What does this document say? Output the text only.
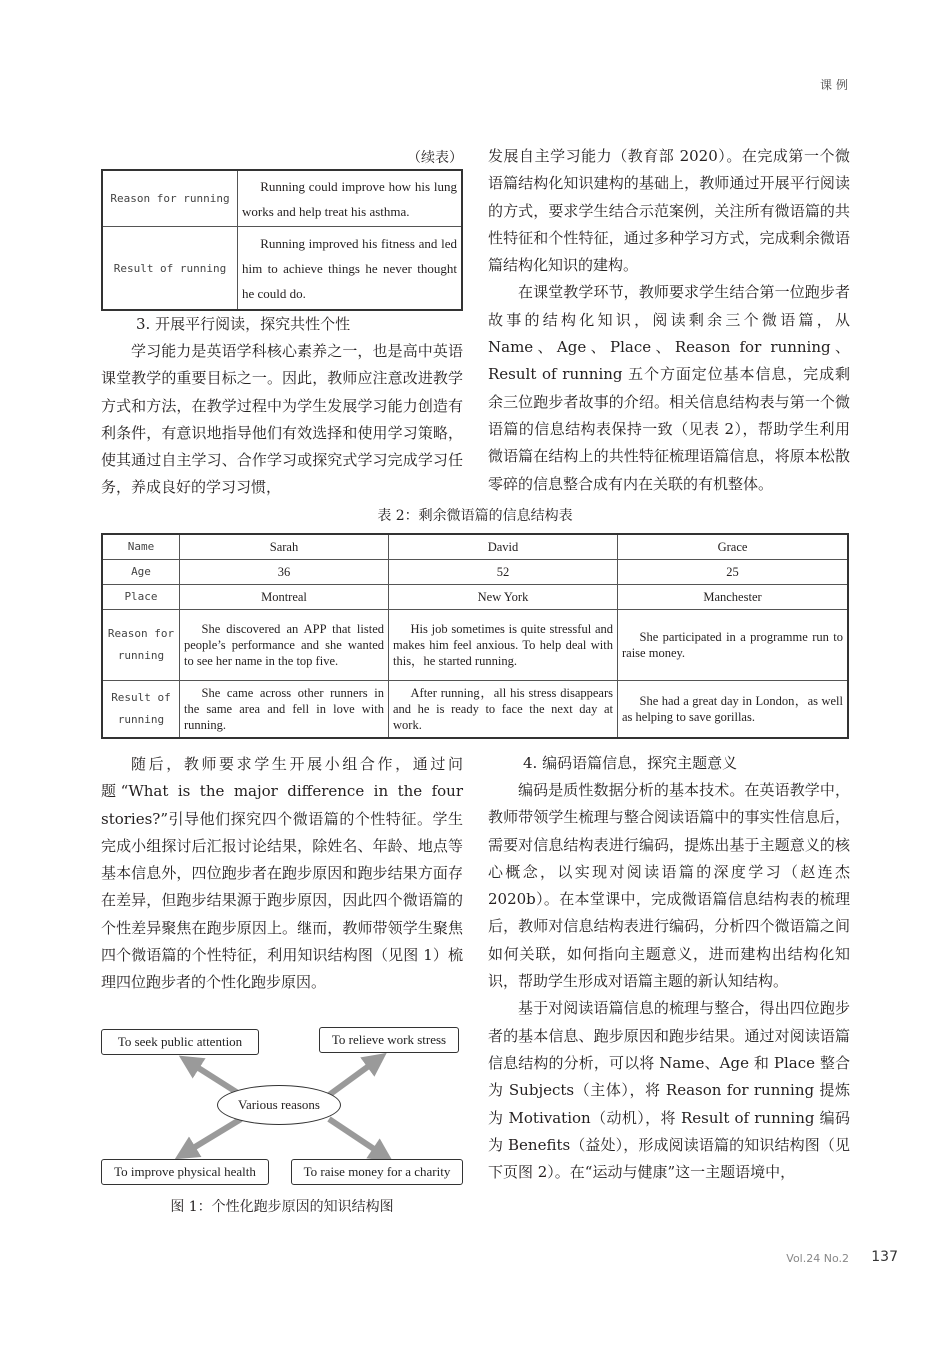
课例
（续表）
Reason for running	Running could improve how his lung works and help treat his asthma.
Result of running	Running improved his fitness and led him to achieve things he never thought he could do.

3. 开展平行阅读，探究共性个性

学习能力是英语学科核心素养之一，也是高中英语课堂教学的重要目标之一。因此，教师应注意改进教学方式和方法，在教学过程中为学生发展学习能力创造有利条件，有意识地指导他们有效选择和使用学习策略，使其通过自主学习、合作学习或探究式学习完成学习任务，养成良好的学习习惯，

发展自主学习能力（教育部 2020）。在完成第一个微语篇结构化知识建构的基础上，教师通过开展平行阅读的方式，要求学生结合示范案例，关注所有微语篇的共性特征和个性特征，通过多种学习方式，完成剩余微语篇结构化知识的建构。

在课堂教学环节，教师要求学生结合第一位跑步者故事的结构化知识，阅读剩余三个微语篇，从 Name、Age、Place、Reason for running、Result of running 五个方面定位基本信息，完成剩余三位跑步者故事的介绍。相关信息结构表与第一个微语篇的信息结构表保持一致（见表 2），帮助学生利用微语篇在结构上的共性特征梳理语篇信息，将原本松散零碎的信息整合成有内在关联的有机整体。

表 2：剩余微语篇的信息结构表
Name	Sarah	David	Grace
Age	36	52	25
Place	Montreal	New York	Manchester
Reason for running	She discovered an APP that listed people’s performance and she wanted to see her name in the top five.	His job sometimes is quite stressful and makes him feel anxious. To help deal with this，he started running.	She participated in a programme run to raise money.
Result of running	She came across other runners in the same area and fell in love with running.	After running，all his stress disappears and he is ready to face the next day at work.	She had a great day in London，as well as helping to save gorillas.

随后，教师要求学生开展小组合作，通过问题“What is the major difference in the four stories?”引导他们探究四个微语篇的个性特征。学生完成小组探讨后汇报讨论结果，除姓名、年龄、地点等基本信息外，四位跑步者在跑步原因和跑步结果方面存在差异，但跑步结果源于跑步原因，因此四个微语篇的个性差异聚焦在跑步原因上。继而，教师带领学生聚焦四个微语篇的个性特征，利用知识结构图（见图 1）梳理四位跑步者的个性化跑步原因。

To seek public attention	To relieve work stress
Various reasons
To improve physical health	To raise money for a charity
图 1：个性化跑步原因的知识结构图

4. 编码语篇信息，探究主题意义

编码是质性数据分析的基本技术。在英语教学中，教师带领学生梳理与整合阅读语篇中的事实性信息后，需要对信息结构表进行编码，提炼出基于主题意义的核心概念，以实现对阅读语篇的深度学习（赵连杰 2020b）。在本堂课中，完成微语篇信息结构表的梳理后，教师对信息结构表进行编码，分析四个微语篇之间如何关联，如何指向主题意义，进而建构出结构化知识，帮助学生形成对语篇主题的新认知结构。

基于对阅读语篇信息的梳理与整合，得出四位跑步者的基本信息、跑步原因和跑步结果。通过对阅读语篇信息结构的分析，可以将 Name、Age 和 Place 整合为 Subjects（主体），将 Reason for running 提炼为 Motivation（动机），将 Result of running 编码为 Benefits（益处），形成阅读语篇的知识结构图（见下页图 2）。在“运动与健康”这一主题语境中，

Vol.24 No.2 137
